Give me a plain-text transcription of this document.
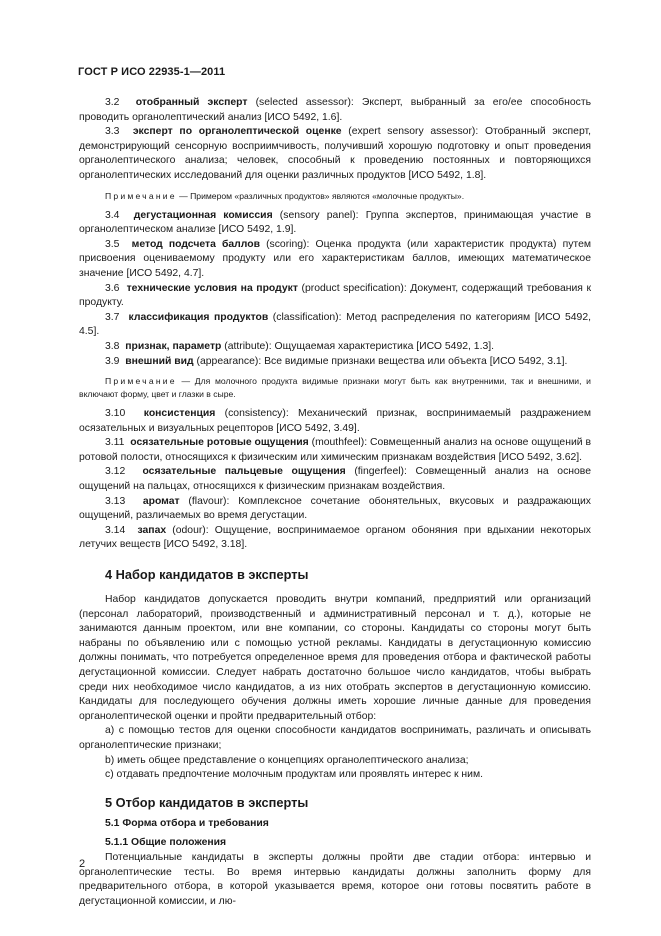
ГОСТ Р ИСО 22935-1—2011

3.2 отобранный эксперт (selected assessor): Эксперт, выбранный за его/ее способность проводить органолептический анализ [ИСО 5492, 1.6].

3.3 эксперт по органолептической оценке (expert sensory assessor): Отобранный эксперт, демонстрирующий сенсорную восприимчивость, получивший хорошую подготовку и опыт проведения органолептического анализа; человек, способный к проведению постоянных и повторяющихся органолептических исследований для оценки различных продуктов [ИСО 5492, 1.8].

Примечание — Примером «различных продуктов» являются «молочные продукты».

3.4 дегустационная комиссия (sensory panel): Группа экспертов, принимающая участие в органолептическом анализе [ИСО 5492, 1.9].

3.5 метод подсчета баллов (scoring): Оценка продукта (или характеристик продукта) путем присвоения оцениваемому продукту или его характеристикам баллов, имеющих математическое значение [ИСО 5492, 4.7].

3.6 технические условия на продукт (product specification): Документ, содержащий требования к продукту.

3.7 классификация продуктов (classification): Метод распределения по категориям [ИСО 5492, 4.5].

3.8 признак, параметр (attribute): Ощущаемая характеристика [ИСО 5492, 1.3].

3.9 внешний вид (appearance): Все видимые признаки вещества или объекта [ИСО 5492, 3.1].

Примечание — Для молочного продукта видимые признаки могут быть как внутренними, так и внешними, и включают форму, цвет и глазки в сыре.

3.10 консистенция (consistency): Механический признак, воспринимаемый раздражением осязательных и визуальных рецепторов [ИСО 5492, 3.49].

3.11 осязательные ротовые ощущения (mouthfeel): Совмещенный анализ на основе ощущений в ротовой полости, относящихся к физическим или химическим признакам воздействия [ИСО 5492, 3.62].

3.12 осязательные пальцевые ощущения (fingerfeel): Совмещенный анализ на основе ощущений на пальцах, относящихся к физическим признакам воздействия.

3.13 аромат (flavour): Комплексное сочетание обонятельных, вкусовых и раздражающих ощущений, различаемых во время дегустации.

3.14 запах (odour): Ощущение, воспринимаемое органом обоняния при вдыхании некоторых летучих веществ [ИСО 5492, 3.18].

4 Набор кандидатов в эксперты

Набор кандидатов допускается проводить внутри компаний, предприятий или организаций (персонал лабораторий, производственный и административный персонал и т. д.), которые не занимаются данным проектом, или вне компании, со стороны. Кандидаты со стороны могут быть набраны по объявлению или с помощью устной рекламы. Кандидаты в дегустационную комиссию должны понимать, что потребуется определенное время для проведения отбора и фактической работы дегустационной комиссии. Следует набрать достаточно большое число кандидатов, чтобы выбрать среди них необходимое число кандидатов, а из них отобрать экспертов в дегустационную комиссию. Кандидаты для последующего обучения должны иметь хорошие личные данные для проведения органолептической оценки и пройти предварительный отбор:

a) с помощью тестов для оценки способности кандидатов воспринимать, различать и описывать органолептические признаки;

b) иметь общее представление о концепциях органолептического анализа;

c) отдавать предпочтение молочным продуктам или проявлять интерес к ним.

5 Отбор кандидатов в эксперты

5.1 Форма отбора и требования

5.1.1 Общие положения

Потенциальные кандидаты в эксперты должны пройти две стадии отбора: интервью и органолептические тесты. Во время интервью кандидаты должны заполнить форму для предварительного отбора, в которой указывается время, которое они готовы посвятить работе в дегустационной комиссии, и лю-

2
